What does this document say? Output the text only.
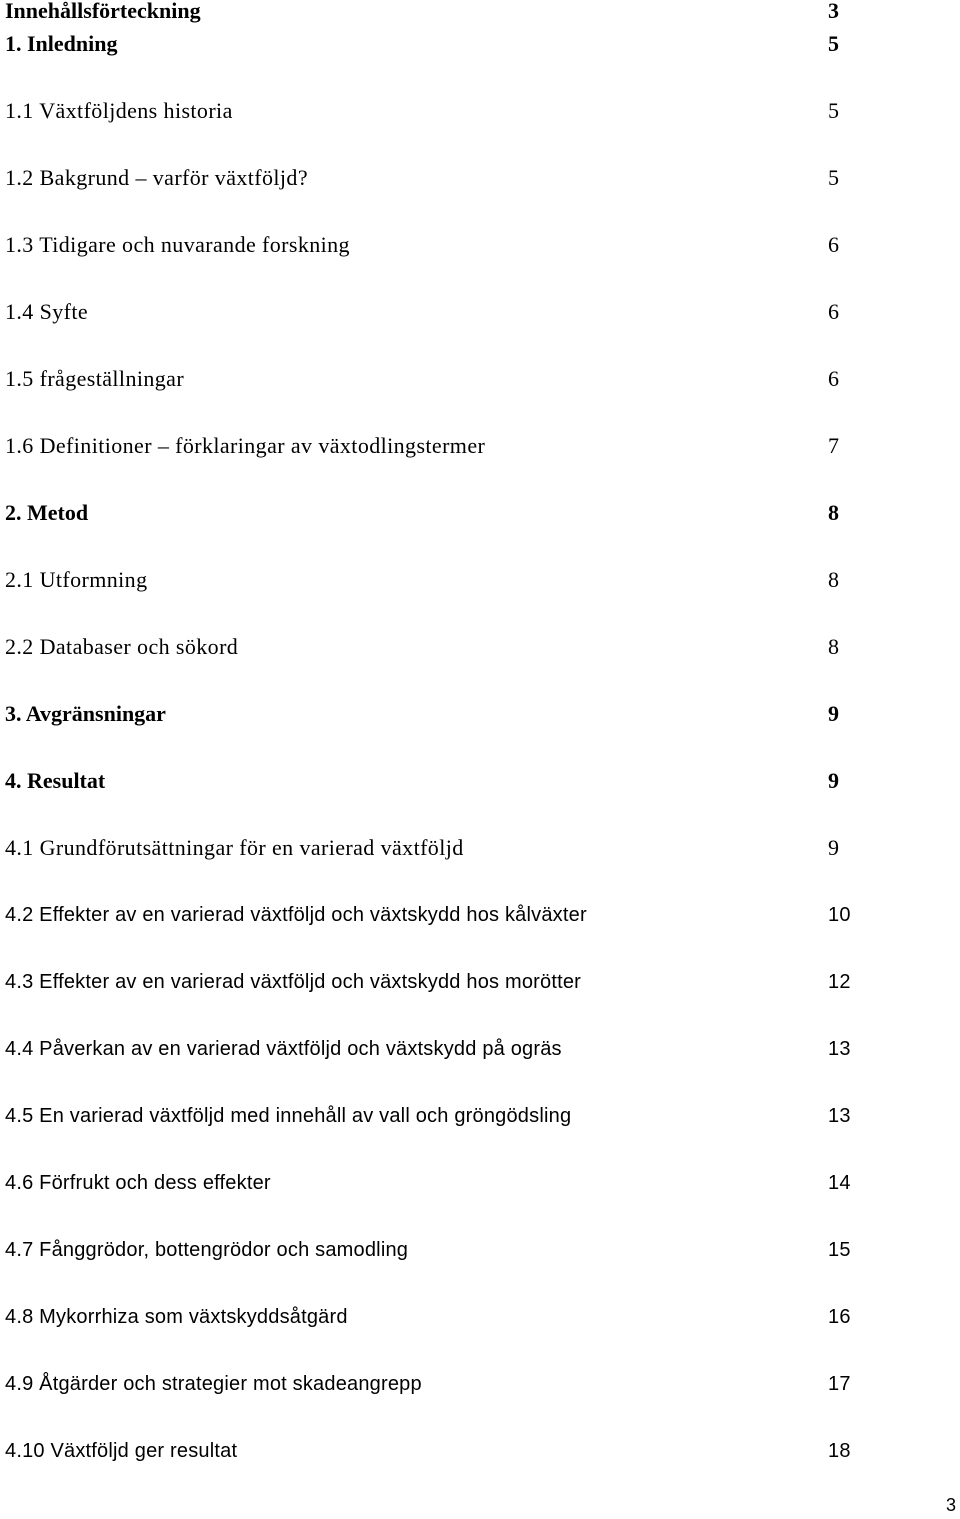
Innehållsförteckning	3
1. Inledning	5
1.1 Växtföljdens historia	5
1.2 Bakgrund – varför växtföljd?	5
1.3 Tidigare och nuvarande forskning	6
1.4 Syfte	6
1.5 frågeställningar	6
1.6 Definitioner – förklaringar av växtodlingstermer	7
2. Metod	8
2.1 Utformning	8
2.2 Databaser och sökord	8
3. Avgränsningar	9
4. Resultat	9
4.1 Grundförutsättningar för en varierad växtföljd	9
4.2 Effekter av en varierad växtföljd och växtskydd hos kålväxter	10
4.3 Effekter av en varierad växtföljd och växtskydd hos morötter	12
4.4 Påverkan av en varierad växtföljd och växtskydd på ogräs	13
4.5 En varierad växtföljd med innehåll av vall och gröngödsling	13
4.6 Förfrukt och dess effekter	14
4.7 Fånggrödor, bottengrödor och samodling	15
4.8 Mykorrhiza som växtskyddsåtgärd	16
4.9 Åtgärder och strategier mot skadeangrepp	17
4.10 Växtföljd ger resultat	18
3
